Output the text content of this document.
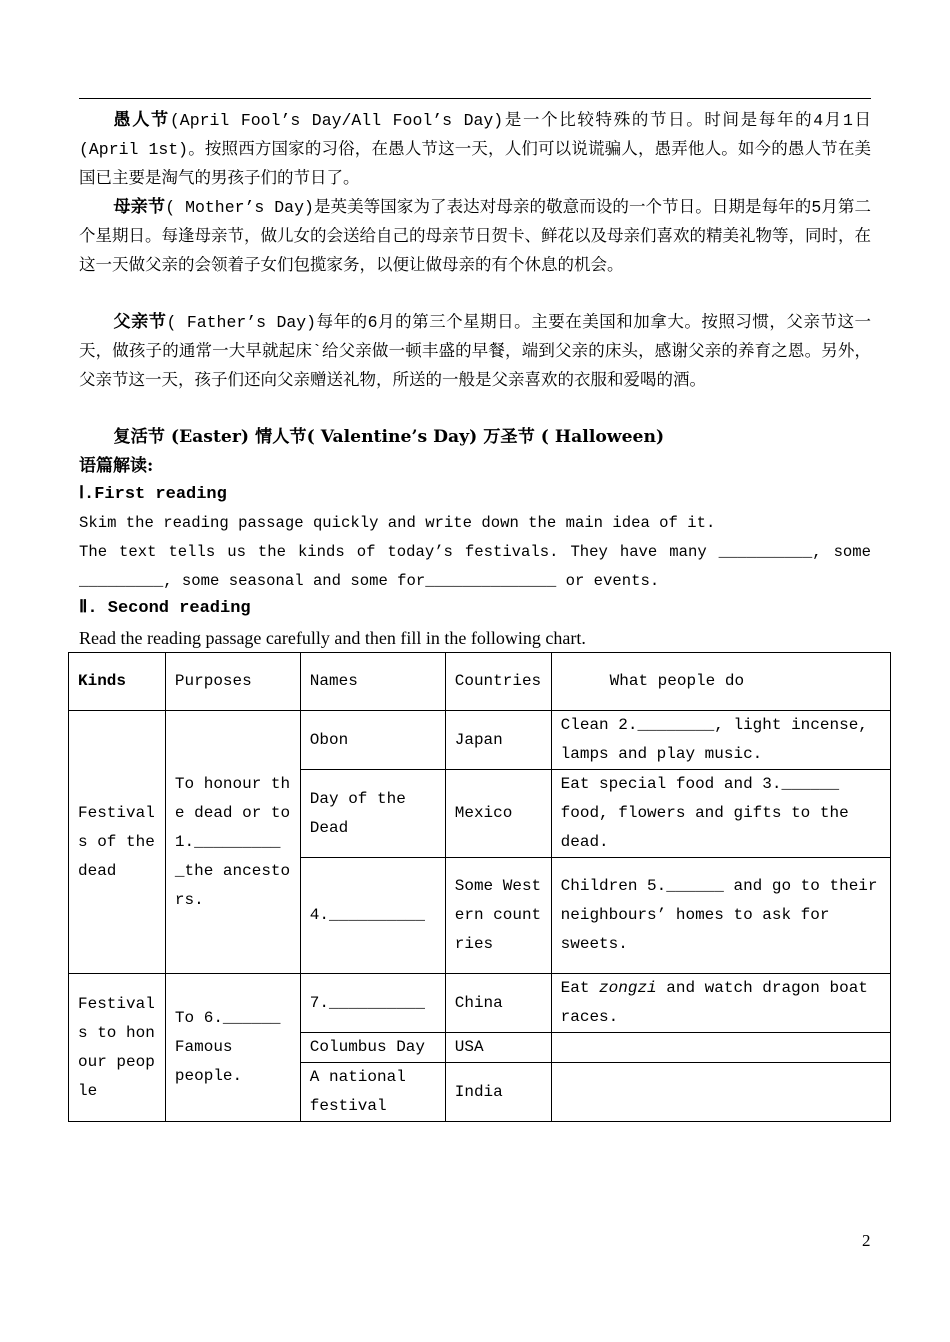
愚人节(April Fool’s Day/All Fool’s Day)是一个比较特殊的节日。时间是每年的4月1日(April 1st)。按照西方国家的习俗，在愚人节这一天，人们可以说谎骗人，愚弄他人。如今的愚人节在美国已主要是淘气的男孩子们的节日了。
母亲节( Mother’s Day)是英美等国家为了表达对母亲的敬意而设的一个节日。日期是每年的5月第二个星期日。每逢母亲节，做儿女的会送给自己的母亲节日贺卡、鲜花以及母亲们喜欢的精美礼物等，同时，在这一天做父亲的会领着子女们包揽家务，以便让做母亲的有个休息的机会。
父亲节( Father’s Day)每年的6月的第三个星期日。主要在美国和加拿大。按照习惯，父亲节这一天，做孩子的通常一大早就起床`给父亲做一顿丰盛的早餐，端到父亲的床头，感谢父亲的养育之恩。另外，父亲节这一天，孩子们还向父亲赠送礼物，所送的一般是父亲喜欢的衣服和爱喝的酒。
复活节 (Easter) 情人节( Valentine’s Day) 万圣节 ( Halloween)
语篇解读:
Ⅰ.First reading
Skim the reading passage quickly and write down the main idea of it.
The text tells us the kinds of today’s festivals. They have many __________, some _________, some seasonal and some for______________ or events.
Ⅱ. Second reading
Read the reading passage carefully and then fill in the following chart.
Kinds	Purposes	Names	Countries	What people do
Festivals of the dead	To honour the dead or to 1._________ _the ancestors.	Obon	Japan	Clean 2.________, light incense, lamps and play music.
		Day of the Dead	Mexico	Eat special food and 3.______ food, flowers and gifts to the dead.
		4.__________	Some Western countries	Children 5.______ and go to their neighbours’ homes to ask for sweets.
Festivals to honour people	To 6.______ Famous people.	7.__________	China	Eat zongzi and watch dragon boat races.
		Columbus Day	USA	
		A national festival	India	
2
